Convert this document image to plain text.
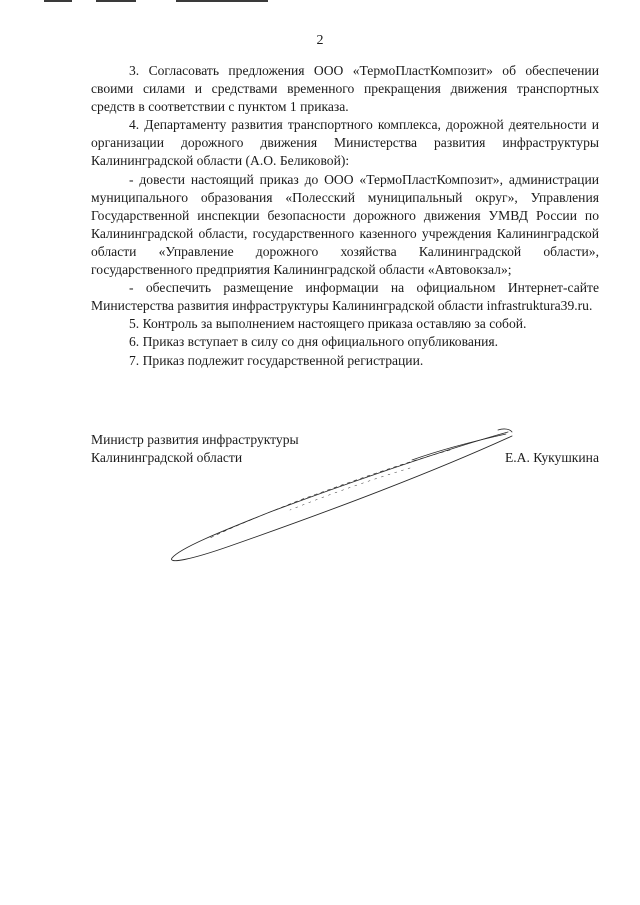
2

3. Согласовать предложения ООО «ТермоПластКомпозит» об обеспечении своими силами и средствами временного прекращения движения транспортных средств в соответствии с пунктом 1 приказа.

4. Департаменту развития транспортного комплекса, дорожной деятельности и организации дорожного движения Министерства развития инфраструктуры Калининградской области (А.О. Беликовой):

- довести настоящий приказ до ООО «ТермоПластКомпозит», администрации муниципального образования «Полесский муниципальный округ», Управления Государственной инспекции безопасности дорожного движения УМВД России по Калининградской области, государственного казенного учреждения Калининградской области «Управление дорожного хозяйства Калининградской области», государственного предприятия Калининградской области «Автовокзал»;

- обеспечить размещение информации на официальном Интернет-сайте Министерства развития инфраструктуры Калининградской области infrastruktura39.ru.

5. Контроль за выполнением настоящего приказа оставляю за собой.

6. Приказ вступает в силу со дня официального опубликования.

7. Приказ подлежит государственной регистрации.

Министр развития инфраструктуры
Калининградской области	Е.А. Кукушкина
